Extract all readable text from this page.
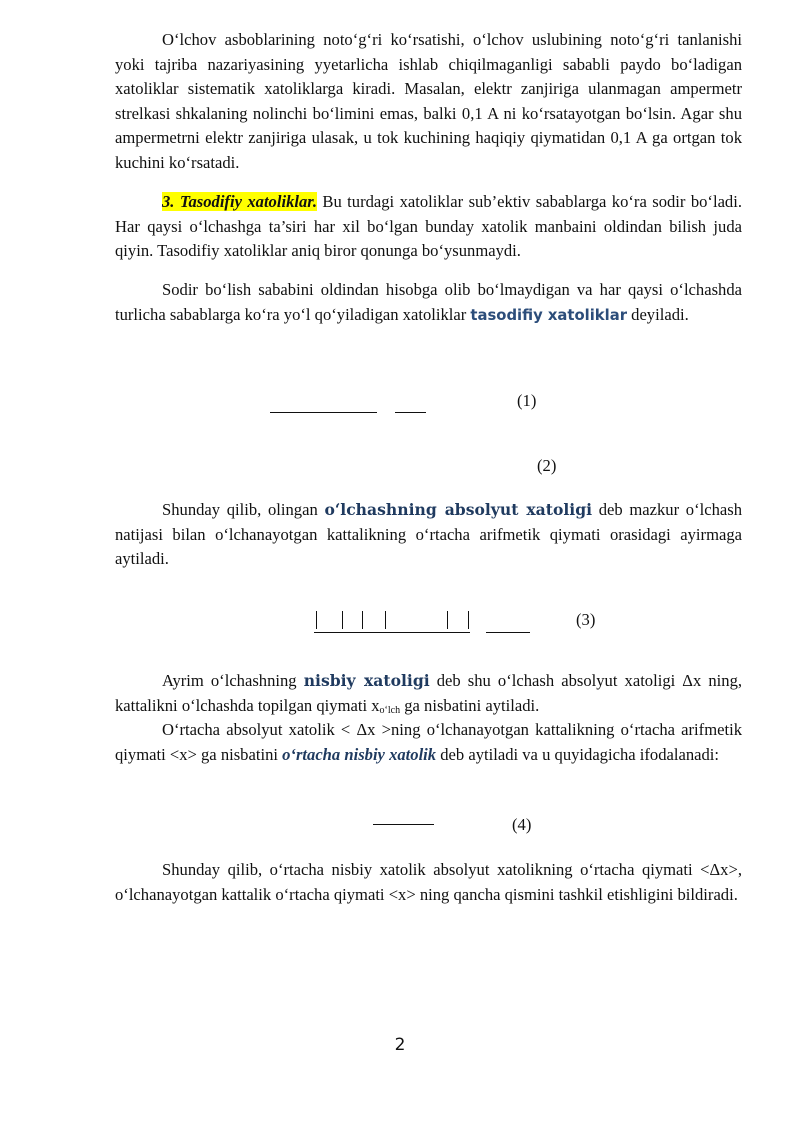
O‘lchov asboblarining noto‘g‘ri ko‘rsatishi, o‘lchov uslubining noto‘g‘ri tanlanishi yoki tajriba nazariyasining yyetarlicha ishlab chiqilmaganligi sababli paydo bo‘ladigan xatoliklar sistematik xatoliklarga kiradi. Masalan, elektr zanjiriga ulanmagan ampermetr strelkasi shkalaning nolinchi bo‘limini emas, balki 0,1 A ni ko‘rsatayotgan bo‘lsin. Agar shu ampermetrni elektr zanjiriga ulasak, u tok kuchining haqiqiy qiymatidan 0,1 A ga ortgan tok kuchini ko‘rsatadi.

3. Tasodifiy xatoliklar. Bu turdagi xatoliklar sub’ektiv sabablarga ko‘ra sodir bo‘ladi. Har qaysi o‘lchashga ta’siri har xil bo‘lgan bunday xatolik manbaini oldindan bilish juda qiyin. Tasodifiy xatoliklar aniq biror qonunga bo‘ysunmaydi.

Sodir bo‘lish sababini oldindan hisobga olib bo‘lmaydigan va har qaysi o‘lchashda turlicha sabablarga ko‘ra yo‘l qo‘yiladigan xatoliklar tasodifiy xatoliklar deyiladi.

(1)
(2)

Shunday qilib, olingan o‘lchashning absolyut xatoligi deb mazkur o‘lchash natijasi bilan o‘lchanayotgan kattalikning o‘rtacha arifmetik qiymati orasidagi ayirmaga aytiladi.

(3)

Ayrim o‘lchashning nisbiy xatoligi deb shu o‘lchash absolyut xatoligi Δx ning, kattalikni o‘lchashda topilgan qiymati $x_{o‘lch}$ ga nisbatini aytiladi.

O‘rtacha absolyut xatolik < Δx >ning o‘lchanayotgan kattalikning o‘rtacha arifmetik qiymati <x> ga nisbatini o‘rtacha nisbiy xatolik deb aytiladi va u quyidagicha ifodalanadi:

(4)

Shunday qilib, o‘rtacha nisbiy xatolik absolyut xatolikning o‘rtacha qiymati <Δx>, o‘lchanayotgan kattalik o‘rtacha qiymati <x> ning qancha qismini tashkil etishligini bildiradi.

2
